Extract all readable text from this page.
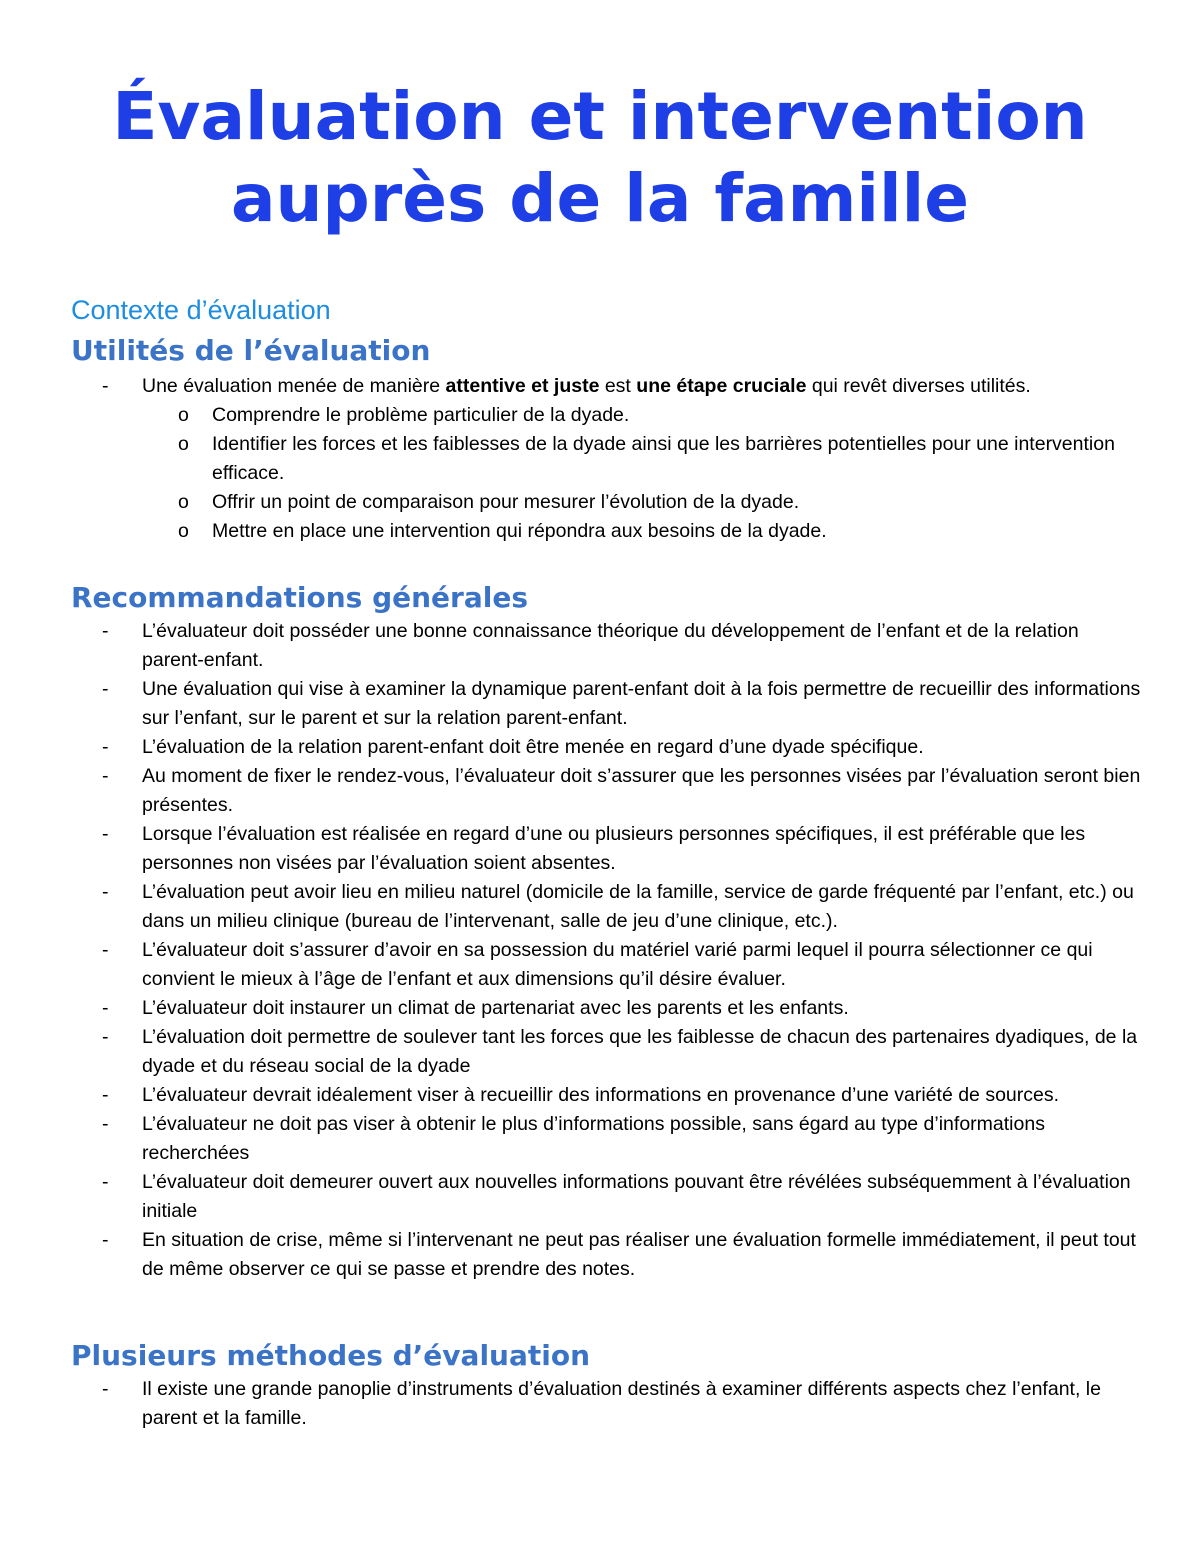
Évaluation et intervention
auprès de la famille
Contexte d’évaluation
Utilités de l’évaluation
- Une évaluation menée de manière attentive et juste est une étape cruciale qui revêt diverses utilités.
o Comprendre le problème particulier de la dyade.
o Identifier les forces et les faiblesses de la dyade ainsi que les barrières potentielles pour une intervention efficace.
o Offrir un point de comparaison pour mesurer l’évolution de la dyade.
o Mettre en place une intervention qui répondra aux besoins de la dyade.
Recommandations générales
- L’évaluateur doit posséder une bonne connaissance théorique du développement de l’enfant et de la relation parent-enfant.
- Une évaluation qui vise à examiner la dynamique parent-enfant doit à la fois permettre de recueillir des informations sur l’enfant, sur le parent et sur la relation parent-enfant.
- L’évaluation de la relation parent-enfant doit être menée en regard d’une dyade spécifique.
- Au moment de fixer le rendez-vous, l’évaluateur doit s’assurer que les personnes visées par l’évaluation seront bien présentes.
- Lorsque l’évaluation est réalisée en regard d’une ou plusieurs personnes spécifiques, il est préférable que les personnes non visées par l’évaluation soient absentes.
- L’évaluation peut avoir lieu en milieu naturel (domicile de la famille, service de garde fréquenté par l’enfant, etc.) ou dans un milieu clinique (bureau de l’intervenant, salle de jeu d’une clinique, etc.).
- L’évaluateur doit s’assurer d’avoir en sa possession du matériel varié parmi lequel il pourra sélectionner ce qui convient le mieux à l’âge de l’enfant et aux dimensions qu’il désire évaluer.
- L’évaluateur doit instaurer un climat de partenariat avec les parents et les enfants.
- L’évaluation doit permettre de soulever tant les forces que les faiblesse de chacun des partenaires dyadiques, de la dyade et du réseau social de la dyade
- L’évaluateur devrait idéalement viser à recueillir des informations en provenance d’une variété de sources.
- L’évaluateur ne doit pas viser à obtenir le plus d’informations possible, sans égard au type d’informations recherchées
- L’évaluateur doit demeurer ouvert aux nouvelles informations pouvant être révélées subséquemment à l’évaluation initiale
- En situation de crise, même si l’intervenant ne peut pas réaliser une évaluation formelle immédiatement, il peut tout de même observer ce qui se passe et prendre des notes.
Plusieurs méthodes d’évaluation
- Il existe une grande panoplie d’instruments d’évaluation destinés à examiner différents aspects chez l’enfant, le parent et la famille.
